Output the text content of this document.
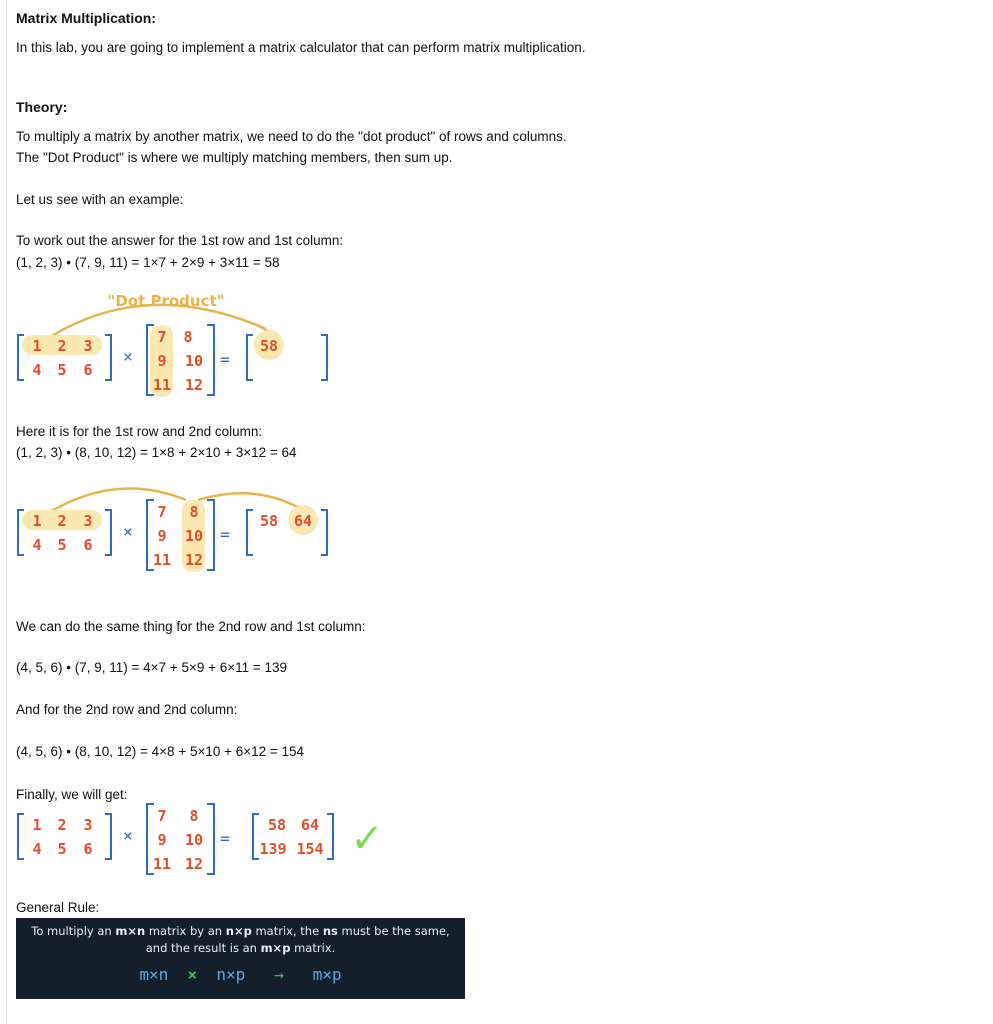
Matrix Multiplication:
In this lab, you are going to implement a matrix calculator that can perform matrix multiplication.
Theory:
To multiply a matrix by another matrix, we need to do the "dot product" of rows and columns.
The "Dot Product" is where we multiply matching members, then sum up.
Let us see with an example:
To work out the answer for the 1st row and 1st column:
(1, 2, 3) • (7, 9, 11) = 1×7 + 2×9 + 3×11 = 58
"Dot Product"
1 2 3
4 5 6
×
7 8
9 10
11 12
=
58
Here it is for the 1st row and 2nd column:
(1, 2, 3) • (8, 10, 12) = 1×8 + 2×10 + 3×12 = 64
1 2 3
4 5 6
×
7 8
9 10
11 12
=
58 64
We can do the same thing for the 2nd row and 1st column:
(4, 5, 6) • (7, 9, 11) = 4×7 + 5×9 + 6×11 = 139
And for the 2nd row and 2nd column:
(4, 5, 6) • (8, 10, 12) = 4×8 + 5×10 + 6×12 = 154
Finally, we will get:
1 2 3
4 5 6
×
7 8
9 10
11 12
=
58 64
139 154 ✓
General Rule:
To multiply an m×n matrix by an n×p matrix, the ns must be the same,
and the result is an m×p matrix.
m×n × n×p → m×p
